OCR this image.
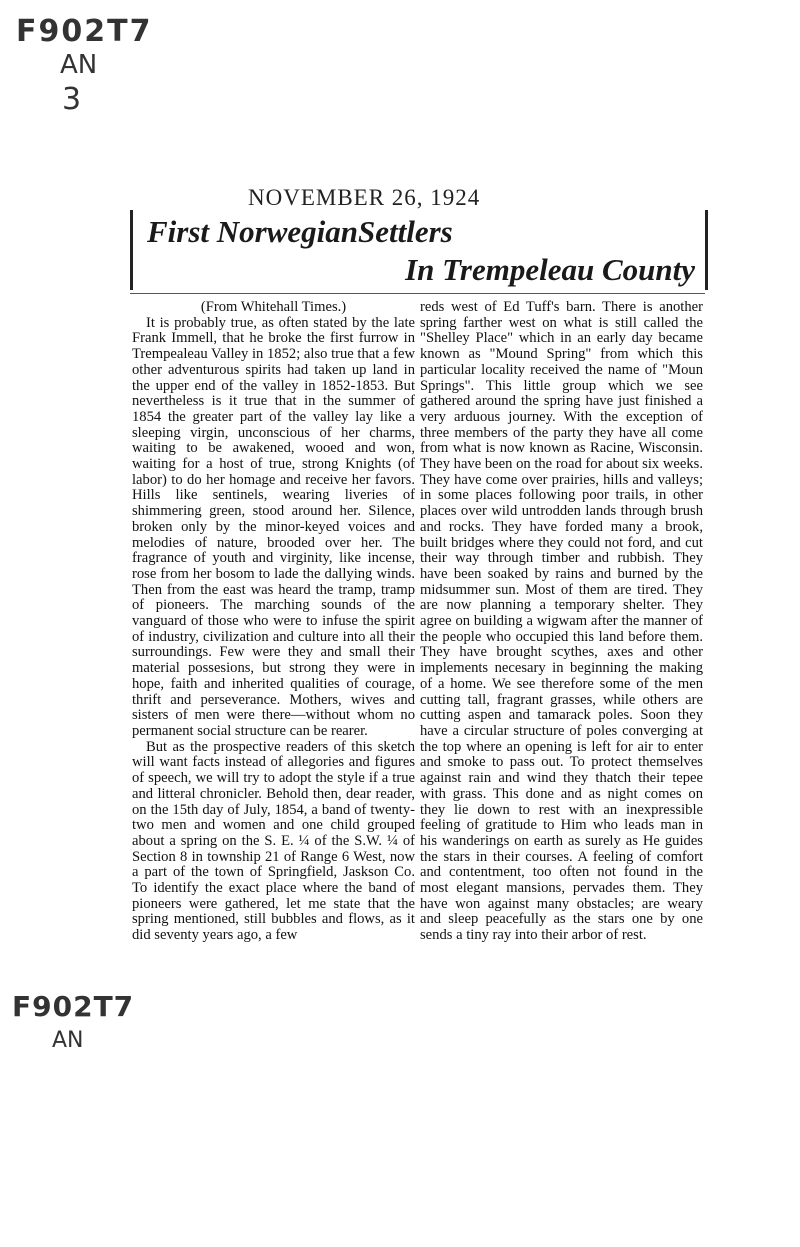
F902T7
AN
3
NOVEMBER 26, 1924
First NorwegianSettlers
In Trempeleau County

(From Whitehall Times.)

It is probably true, as often stated by the late Frank Immell, that he broke the first furrow in Trempealeau Valley in 1852; also true that a few other adventurous spirits had taken up land in the upper end of the valley in 1852-1853. But nevertheless is it true that in the summer of 1854 the greater part of the valley lay like a sleeping virgin, unconscious of her charms, waiting to be awakened, wooed and won, waiting for a host of true, strong Knights (of labor) to do her homage and receive her favors. Hills like sentinels, wearing liveries of shimmering green, stood around her. Silence, broken only by the minor-keyed voices and melodies of nature, brooded over her. The fragrance of youth and virginity, like incense, rose from her bosom to lade the dallying winds. Then from the east was heard the tramp, tramp of pioneers. The marching sounds of the vanguard of those who were to infuse the spirit of industry, civilization and culture into all their surroundings. Few were they and small their material possesions, but strong they were in hope, faith and inherited qualities of courage, thrift and perseverance. Mothers, wives and sisters of men were there—without whom no permanent social structure can be rearer.

But as the prospective readers of this sketch will want facts instead of allegories and figures of speech, we will try to adopt the style if a true and litteral chronicler. Behold then, dear reader, on the 15th day of July, 1854, a band of twenty-two men and women and one child grouped about a spring on the S. E. ¼ of the S.W. ¼ of Section 8 in township 21 of Range 6 West, now a part of the town of Springfield, Jaskson Co. To identify the exact place where the band of pioneers were gathered, let me state that the spring mentioned, still bubbles and flows, as it did seventy years ago, a few

reds west of Ed Tuff's barn. There is another spring farther west on what is still called the "Shelley Place" which in an early day became known as "Mound Spring" from which this particular locality received the name of "Moun Springs". This little group which we see gathered around the spring have just finished a very arduous journey. With the exception of three members of the party they have all come from what is now known as Racine, Wisconsin. They have been on the road for about six weeks. They have come over prairies, hills and valleys; in some places following poor trails, in other places over wild untrodden lands through brush and rocks. They have forded many a brook, built bridges where they could not ford, and cut their way through timber and rubbish. They have been soaked by rains and burned by the midsummer sun. Most of them are tired. They are now planning a temporary shelter. They agree on building a wigwam after the manner of the people who occupied this land before them. They have brought scythes, axes and other implements necesary in beginning the making of a home. We see therefore some of the men cutting tall, fragrant grasses, while others are cutting aspen and tamarack poles. Soon they have a circular structure of poles converging at the top where an opening is left for air to enter and smoke to pass out. To protect themselves against rain and wind they thatch their tepee with grass. This done and as night comes on they lie down to rest with an inexpressible feeling of gratitude to Him who leads man in his wanderings on earth as surely as He guides the stars in their courses. A feeling of comfort and contentment, too often not found in the most elegant mansions, pervades them. They have won against many obstacles; are weary and sleep peacefully as the stars one by one sends a tiny ray into their arbor of rest.

F902T7
AN
